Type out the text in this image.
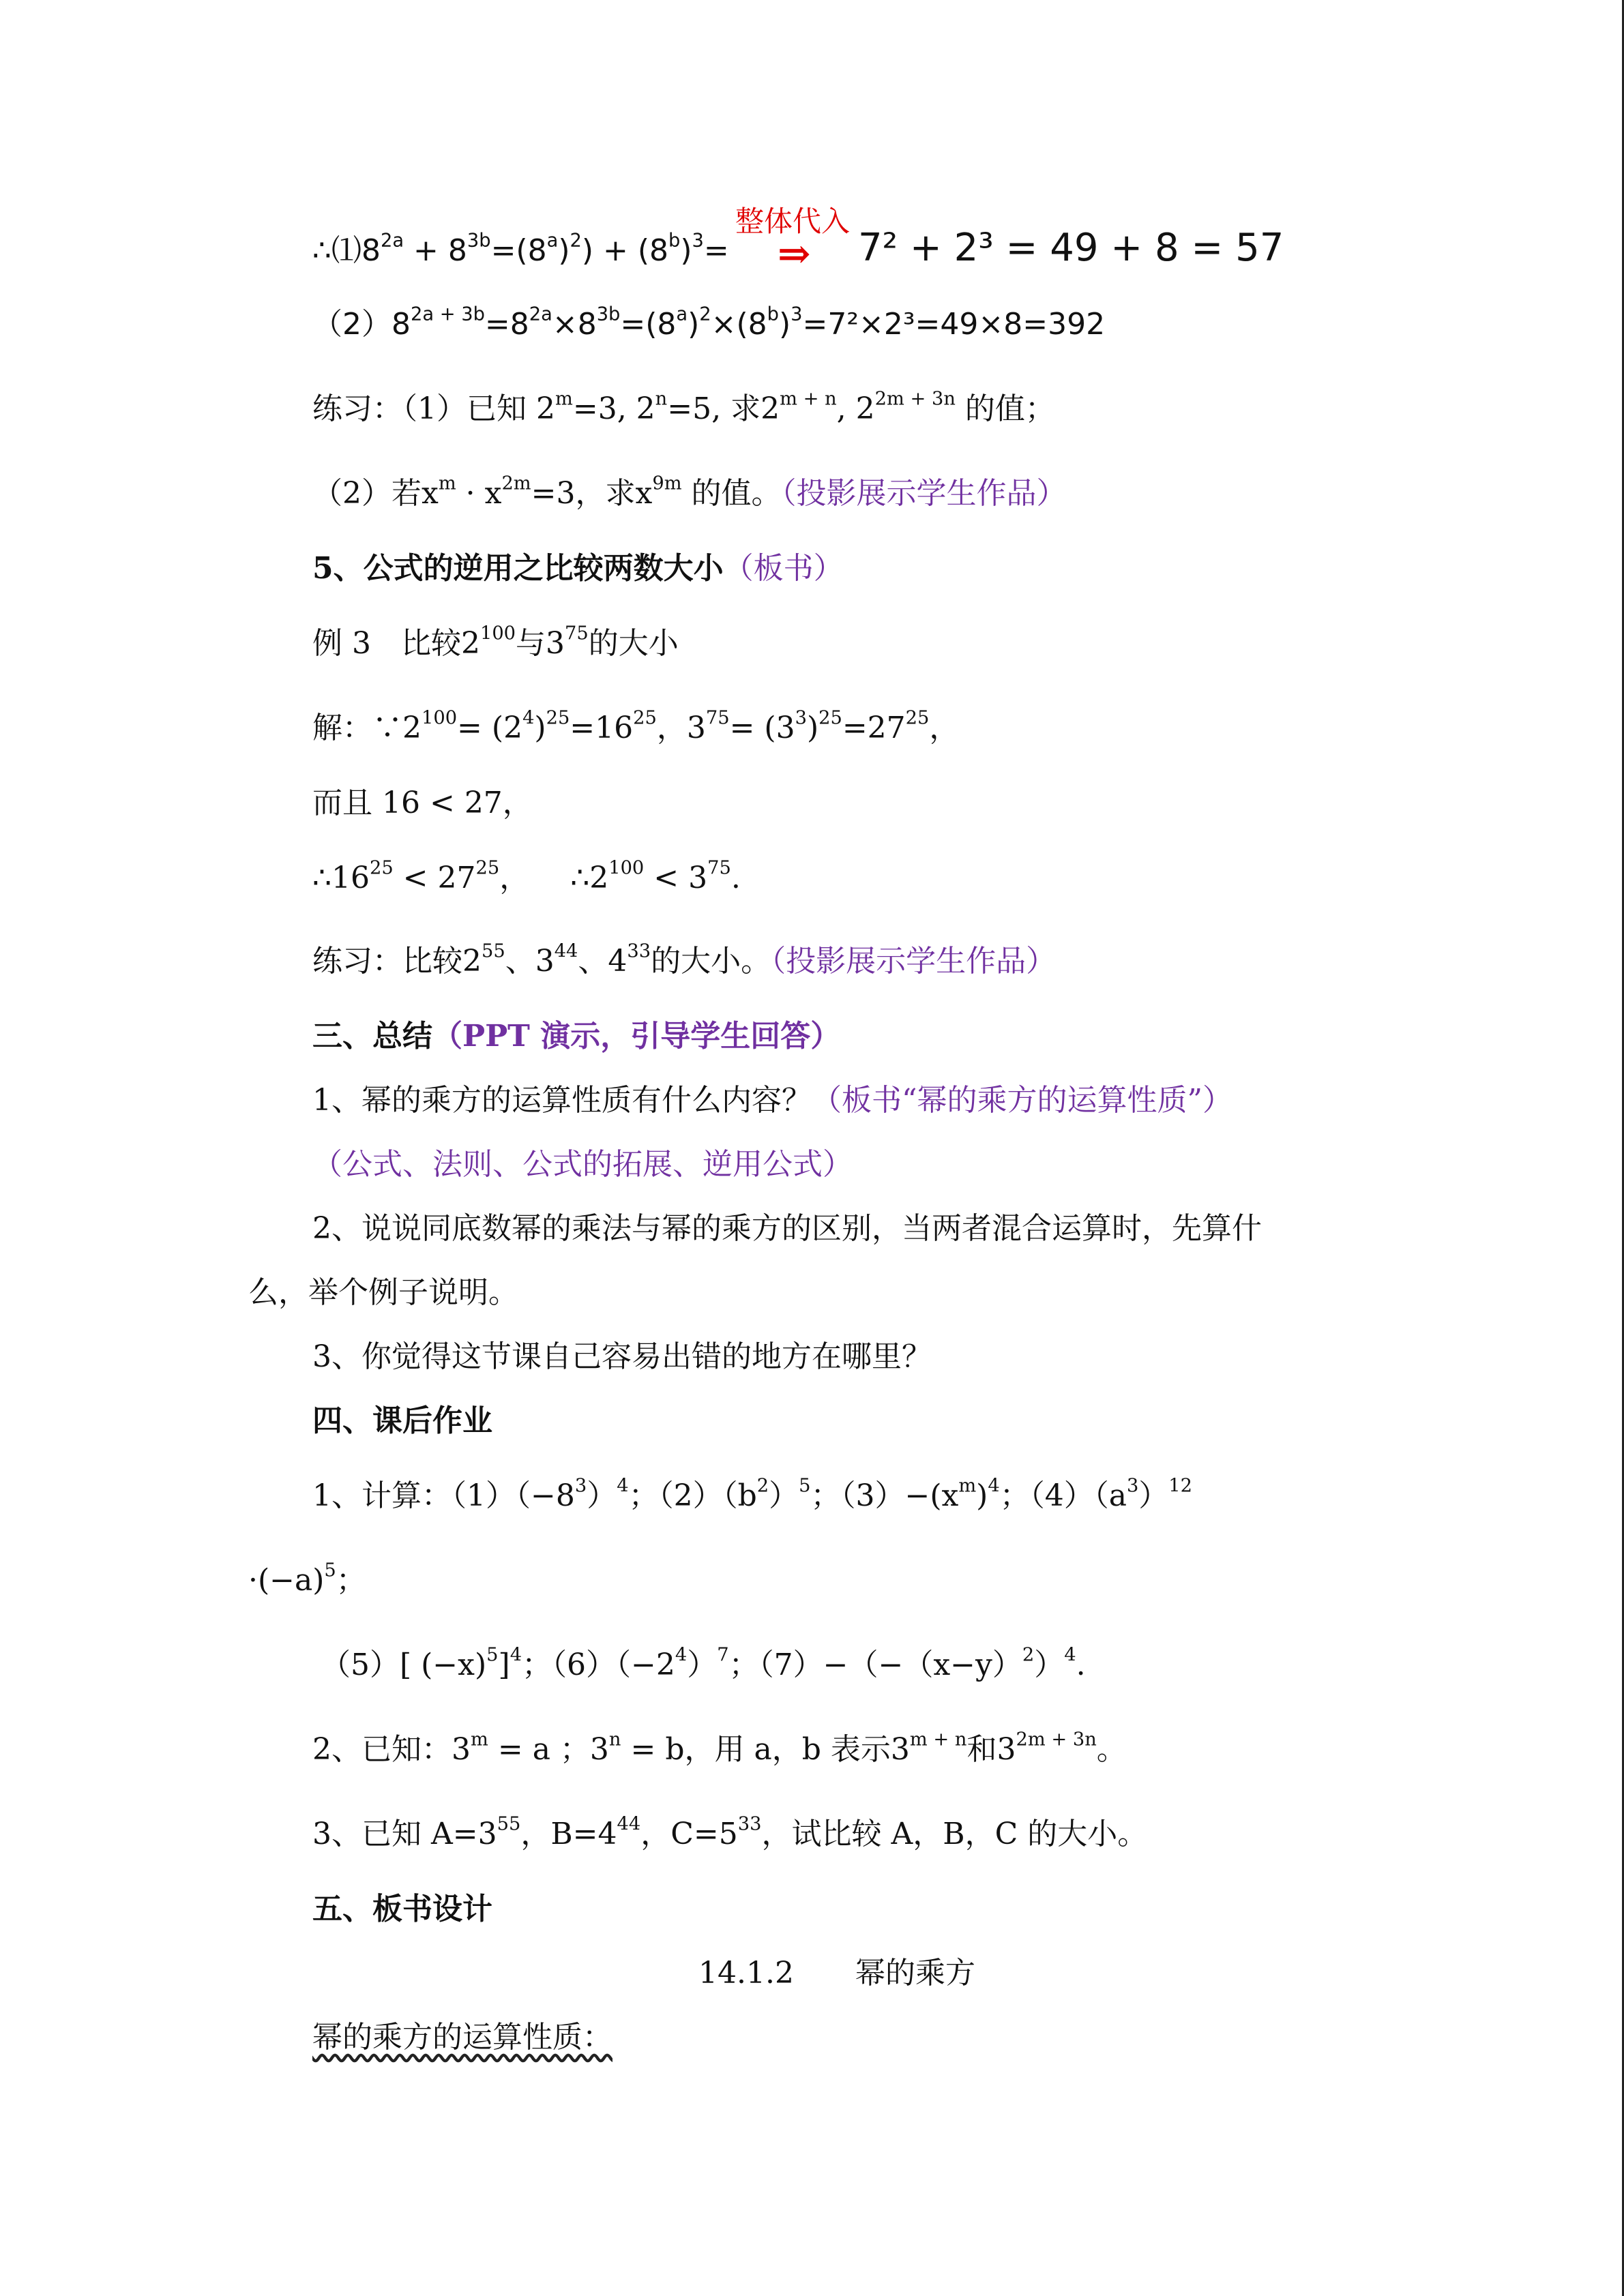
整体代入
⇒
$\therefore ⑴8^{2a} + 8^{3b}=(8^a)^2) + (8^b)^3=$	7² + 2³ = 49 + 8 = 57
$(2)8^{2a + 3b}=8^{2a}\times 8^{3b}=(8^a)^2\times(8^b)^3=7^2\times 2^3=49\times 8=392$
练习：（1）已知 $2^m=3$, $2^n=5$, 求$2^{m + n}$, $2^{2m + 3n}$ 的值；
（2）若$x^m \cdot x^{2m}=3$，求$x^{9m}$ 的值。（投影展示学生作品）
5、公式的逆用之比较两数大小（板书）
例 3　比较$2^{100}$与$3^{75}$的大小
解：$\because 2^{100}= (2^4)^{25}=16^{25}$，$3^{75}= (3^3)^{25}=27^{25}$，
而且 16 < 27，
$\therefore 16^{25} < 27^{25}$， $\therefore 2^{100} < 3^{75}$.
练习：比较$2^{55}$、$3^{44}$、$4^{33}$的大小。（投影展示学生作品）
三、总结（PPT 演示，引导学生回答）
1、幂的乘方的运算性质有什么内容？（板书“幂的乘方的运算性质”）
（公式、法则、公式的拓展、逆用公式）
2、说说同底数幂的乘法与幂的乘方的区别，当两者混合运算时，先算什
么，举个例子说明。
3、你觉得这节课自己容易出错的地方在哪里？
四、课后作业
1、计算：$(1)(-8^3)^4$；$(2)(b^2)^5$；$(3)-(x^m)^4$；$(4)(a^3)^{12}$
$\cdot(-a)^5$；
（5）[ $(-x)^5]^4$；$(6)(-2^4)^7$；$(7)-(-(x-y)^2)^4$.
2、已知：$3^m = a$ ；$3^n = b$，用 a，b 表示$3^{m + n}$和$3^{2m + 3n}$。
3、已知 $A=3^{55}$，$B=4^{44}$，$C=5^{33}$，试比较 A，B，C 的大小。
五、板书设计
14.1.2 幂的乘方
幂的乘方的运算性质：
